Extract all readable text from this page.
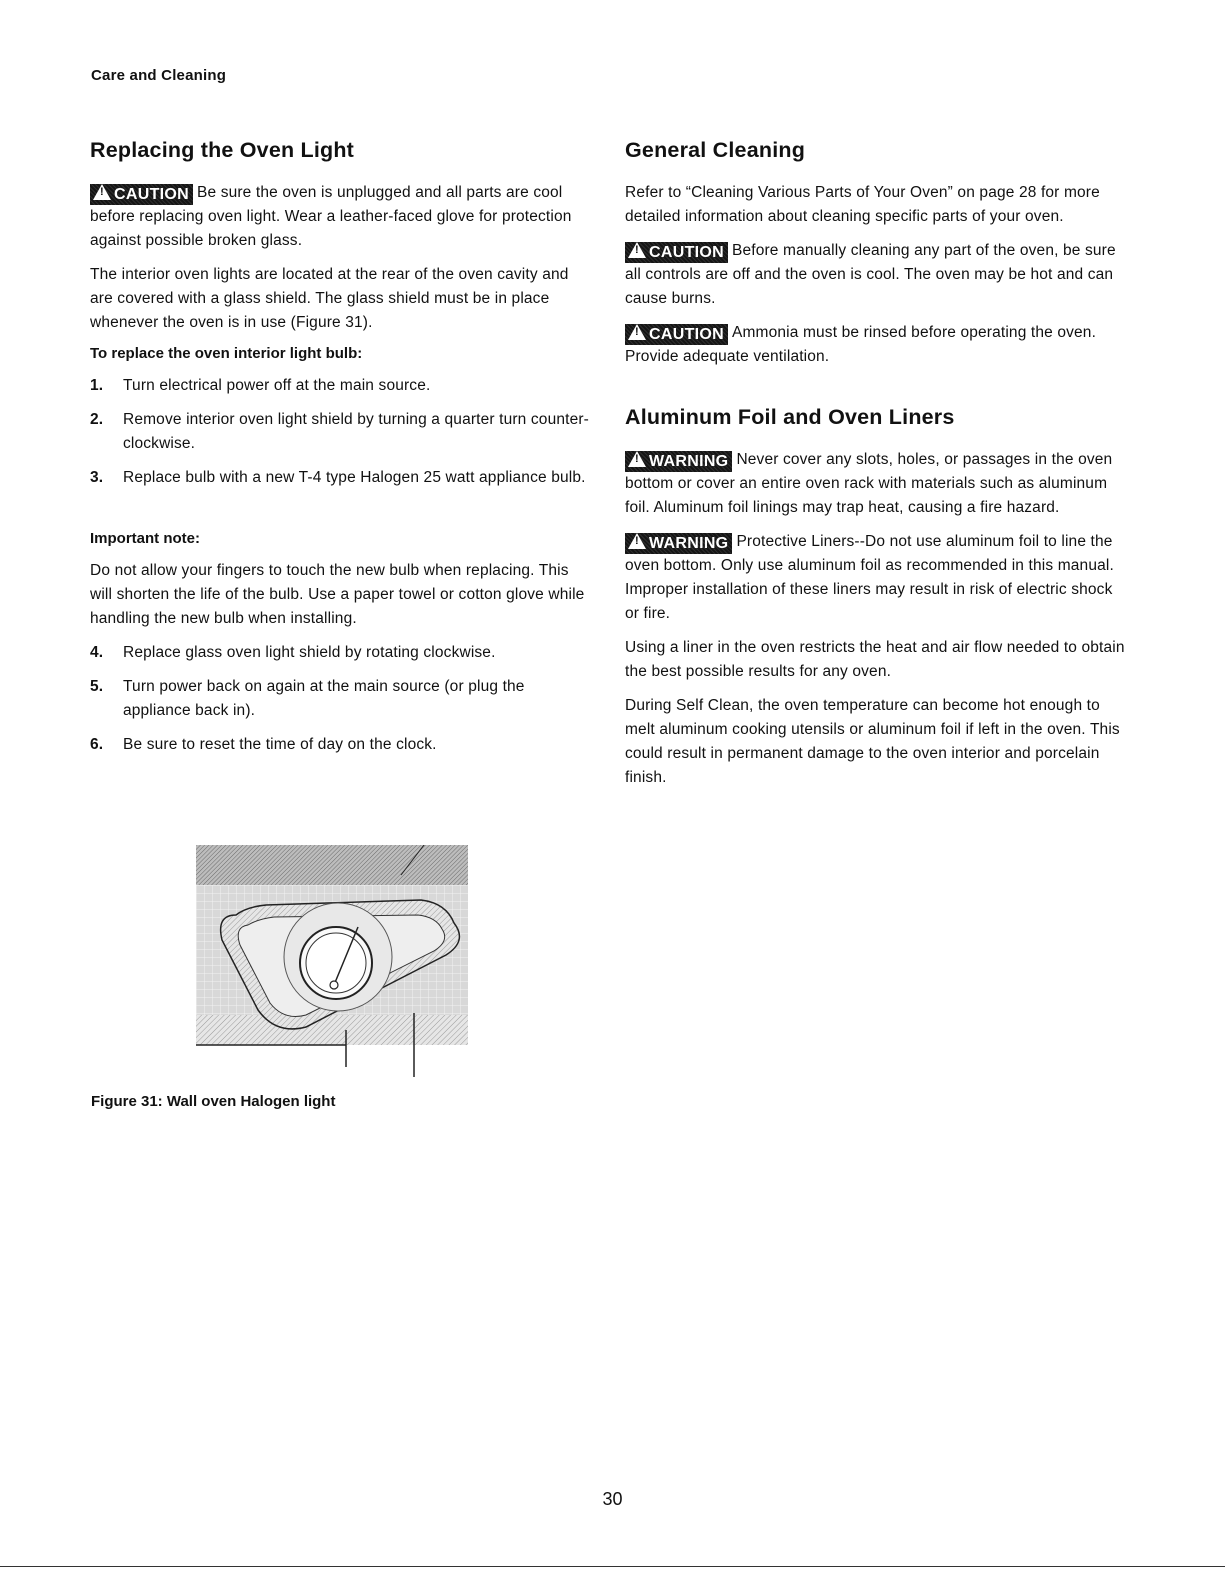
Care and Cleaning
Replacing the Oven Light

!CAUTION Be sure the oven is unplugged and all parts are cool before replacing oven light. Wear a leather-faced glove for protection against possible broken glass.

The interior oven lights are located at the rear of the oven cavity and are covered with a glass shield. The glass shield must be in place whenever the oven is in use (Figure 31).

To replace the oven interior light bulb:
1. Turn electrical power off at the main source.
2. Remove interior oven light shield by turning a quarter turn counter-clockwise.
3. Replace bulb with a new T-4 type Halogen 25 watt appliance bulb.
Important note:

Do not allow your fingers to touch the new bulb when replacing. This will shorten the life of the bulb. Use a paper towel or cotton glove while handling the new bulb when installing.

4. Replace glass oven light shield by rotating clockwise.
5. Turn power back on again at the main source (or plug the appliance back in).
6. Be sure to reset the time of day on the clock.
Figure 31: Wall oven Halogen light
General Cleaning

Refer to “Cleaning Various Parts of Your Oven” on page 28 for more detailed information about cleaning specific parts of your oven.

!CAUTION Before manually cleaning any part of the oven, be sure all controls are off and the oven is cool. The oven may be hot and can cause burns.

!CAUTION Ammonia must be rinsed before operating the oven. Provide adequate ventilation.

Aluminum Foil and Oven Liners

!WARNING Never cover any slots, holes, or passages in the oven bottom or cover an entire oven rack with materials such as aluminum foil. Aluminum foil linings may trap heat, causing a fire hazard.

!WARNING Protective Liners--Do not use aluminum foil to line the oven bottom. Only use aluminum foil as recommended in this manual. Improper installation of these liners may result in risk of electric shock or fire.

Using a liner in the oven restricts the heat and air flow needed to obtain the best possible results for any oven.

During Self Clean, the oven temperature can become hot enough to melt aluminum cooking utensils or aluminum foil if left in the oven. This could result in permanent damage to the oven interior and porcelain finish.

30
